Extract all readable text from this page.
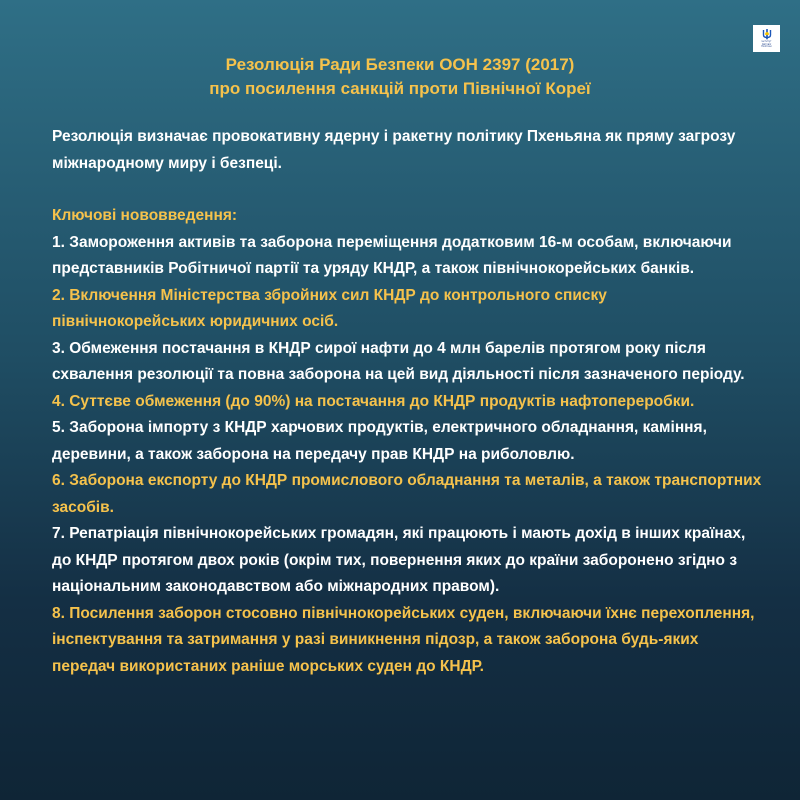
Інститут
Світової
Політики
Резолюція Ради Безпеки ООН 2397 (2017)
про посилення санкцій проти Північної Кореї

Резолюція визначає провокативну ядерну і ракетну політику Пхеньяна як пряму загрозу міжнародному миру і безпеці.

Ключові нововведення:

1. Замороження активів та заборона переміщення додатковим 16-м особам, включаючи представників Робітничої партії та уряду КНДР, а також північнокорейських банків.

2. Включення Міністерства збройних сил КНДР до контрольного списку північнокорейських юридичних осіб.

3. Обмеження постачання в КНДР сирої нафти до 4 млн барелів протягом року після схвалення резолюції та повна заборона на цей вид діяльності після зазначеного періоду.

4. Суттєве обмеження (до 90%) на постачання до КНДР продуктів нафтопереробки.

5. Заборона імпорту з КНДР харчових продуктів, електричного обладнання, каміння, деревини, а також заборона на передачу прав КНДР на риболовлю.

6. Заборона експорту до КНДР промислового обладнання та металів, а також транспортних засобів.

7. Репатріація північнокорейських громадян, які працюють і мають дохід в інших країнах, до КНДР протягом двох років (окрім тих, повернення яких до країни заборонено згідно з національним законодавством або міжнародних правом).

8. Посилення заборон стосовно північнокорейських суден, включаючи їхнє перехоплення, інспектування та затримання у разі виникнення підозр, а також заборона будь-яких передач використаних раніше морських суден до КНДР.
